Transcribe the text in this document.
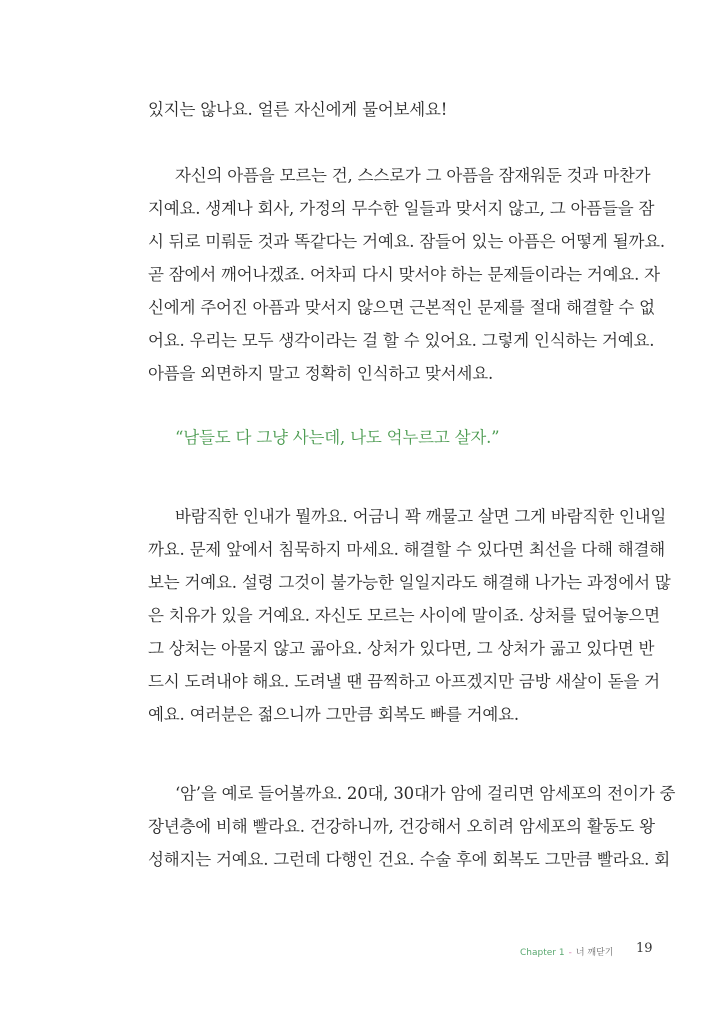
있지는 않나요. 얼른 자신에게 물어보세요!
자신의 아픔을 모르는 건, 스스로가 그 아픔을 잠재워둔 것과 마찬가
지예요. 생계나 회사, 가정의 무수한 일들과 맞서지 않고, 그 아픔들을 잠
시 뒤로 미뤄둔 것과 똑같다는 거예요. 잠들어 있는 아픔은 어떻게 될까요.
곧 잠에서 깨어나겠죠. 어차피 다시 맞서야 하는 문제들이라는 거예요. 자
신에게 주어진 아픔과 맞서지 않으면 근본적인 문제를 절대 해결할 수 없
어요. 우리는 모두 생각이라는 걸 할 수 있어요. 그렇게 인식하는 거예요.
아픔을 외면하지 말고 정확히 인식하고 맞서세요.
“남들도 다 그냥 사는데, 나도 억누르고 살자.”
바람직한 인내가 뭘까요. 어금니 꽉 깨물고 살면 그게 바람직한 인내일
까요. 문제 앞에서 침묵하지 마세요. 해결할 수 있다면 최선을 다해 해결해
보는 거예요. 설령 그것이 불가능한 일일지라도 해결해 나가는 과정에서 많
은 치유가 있을 거예요. 자신도 모르는 사이에 말이죠. 상처를 덮어놓으면
그 상처는 아물지 않고 곪아요. 상처가 있다면, 그 상처가 곪고 있다면 반
드시 도려내야 해요. 도려낼 땐 끔찍하고 아프겠지만 금방 새살이 돋을 거
예요. 여러분은 젊으니까 그만큼 회복도 빠를 거예요.
‘암’을 예로 들어볼까요. 20대, 30대가 암에 걸리면 암세포의 전이가 중
장년층에 비해 빨라요. 건강하니까, 건강해서 오히려 암세포의 활동도 왕
성해지는 거예요. 그런데 다행인 건요. 수술 후에 회복도 그만큼 빨라요. 회
Chapter 1 - 너 깨닫기 19
